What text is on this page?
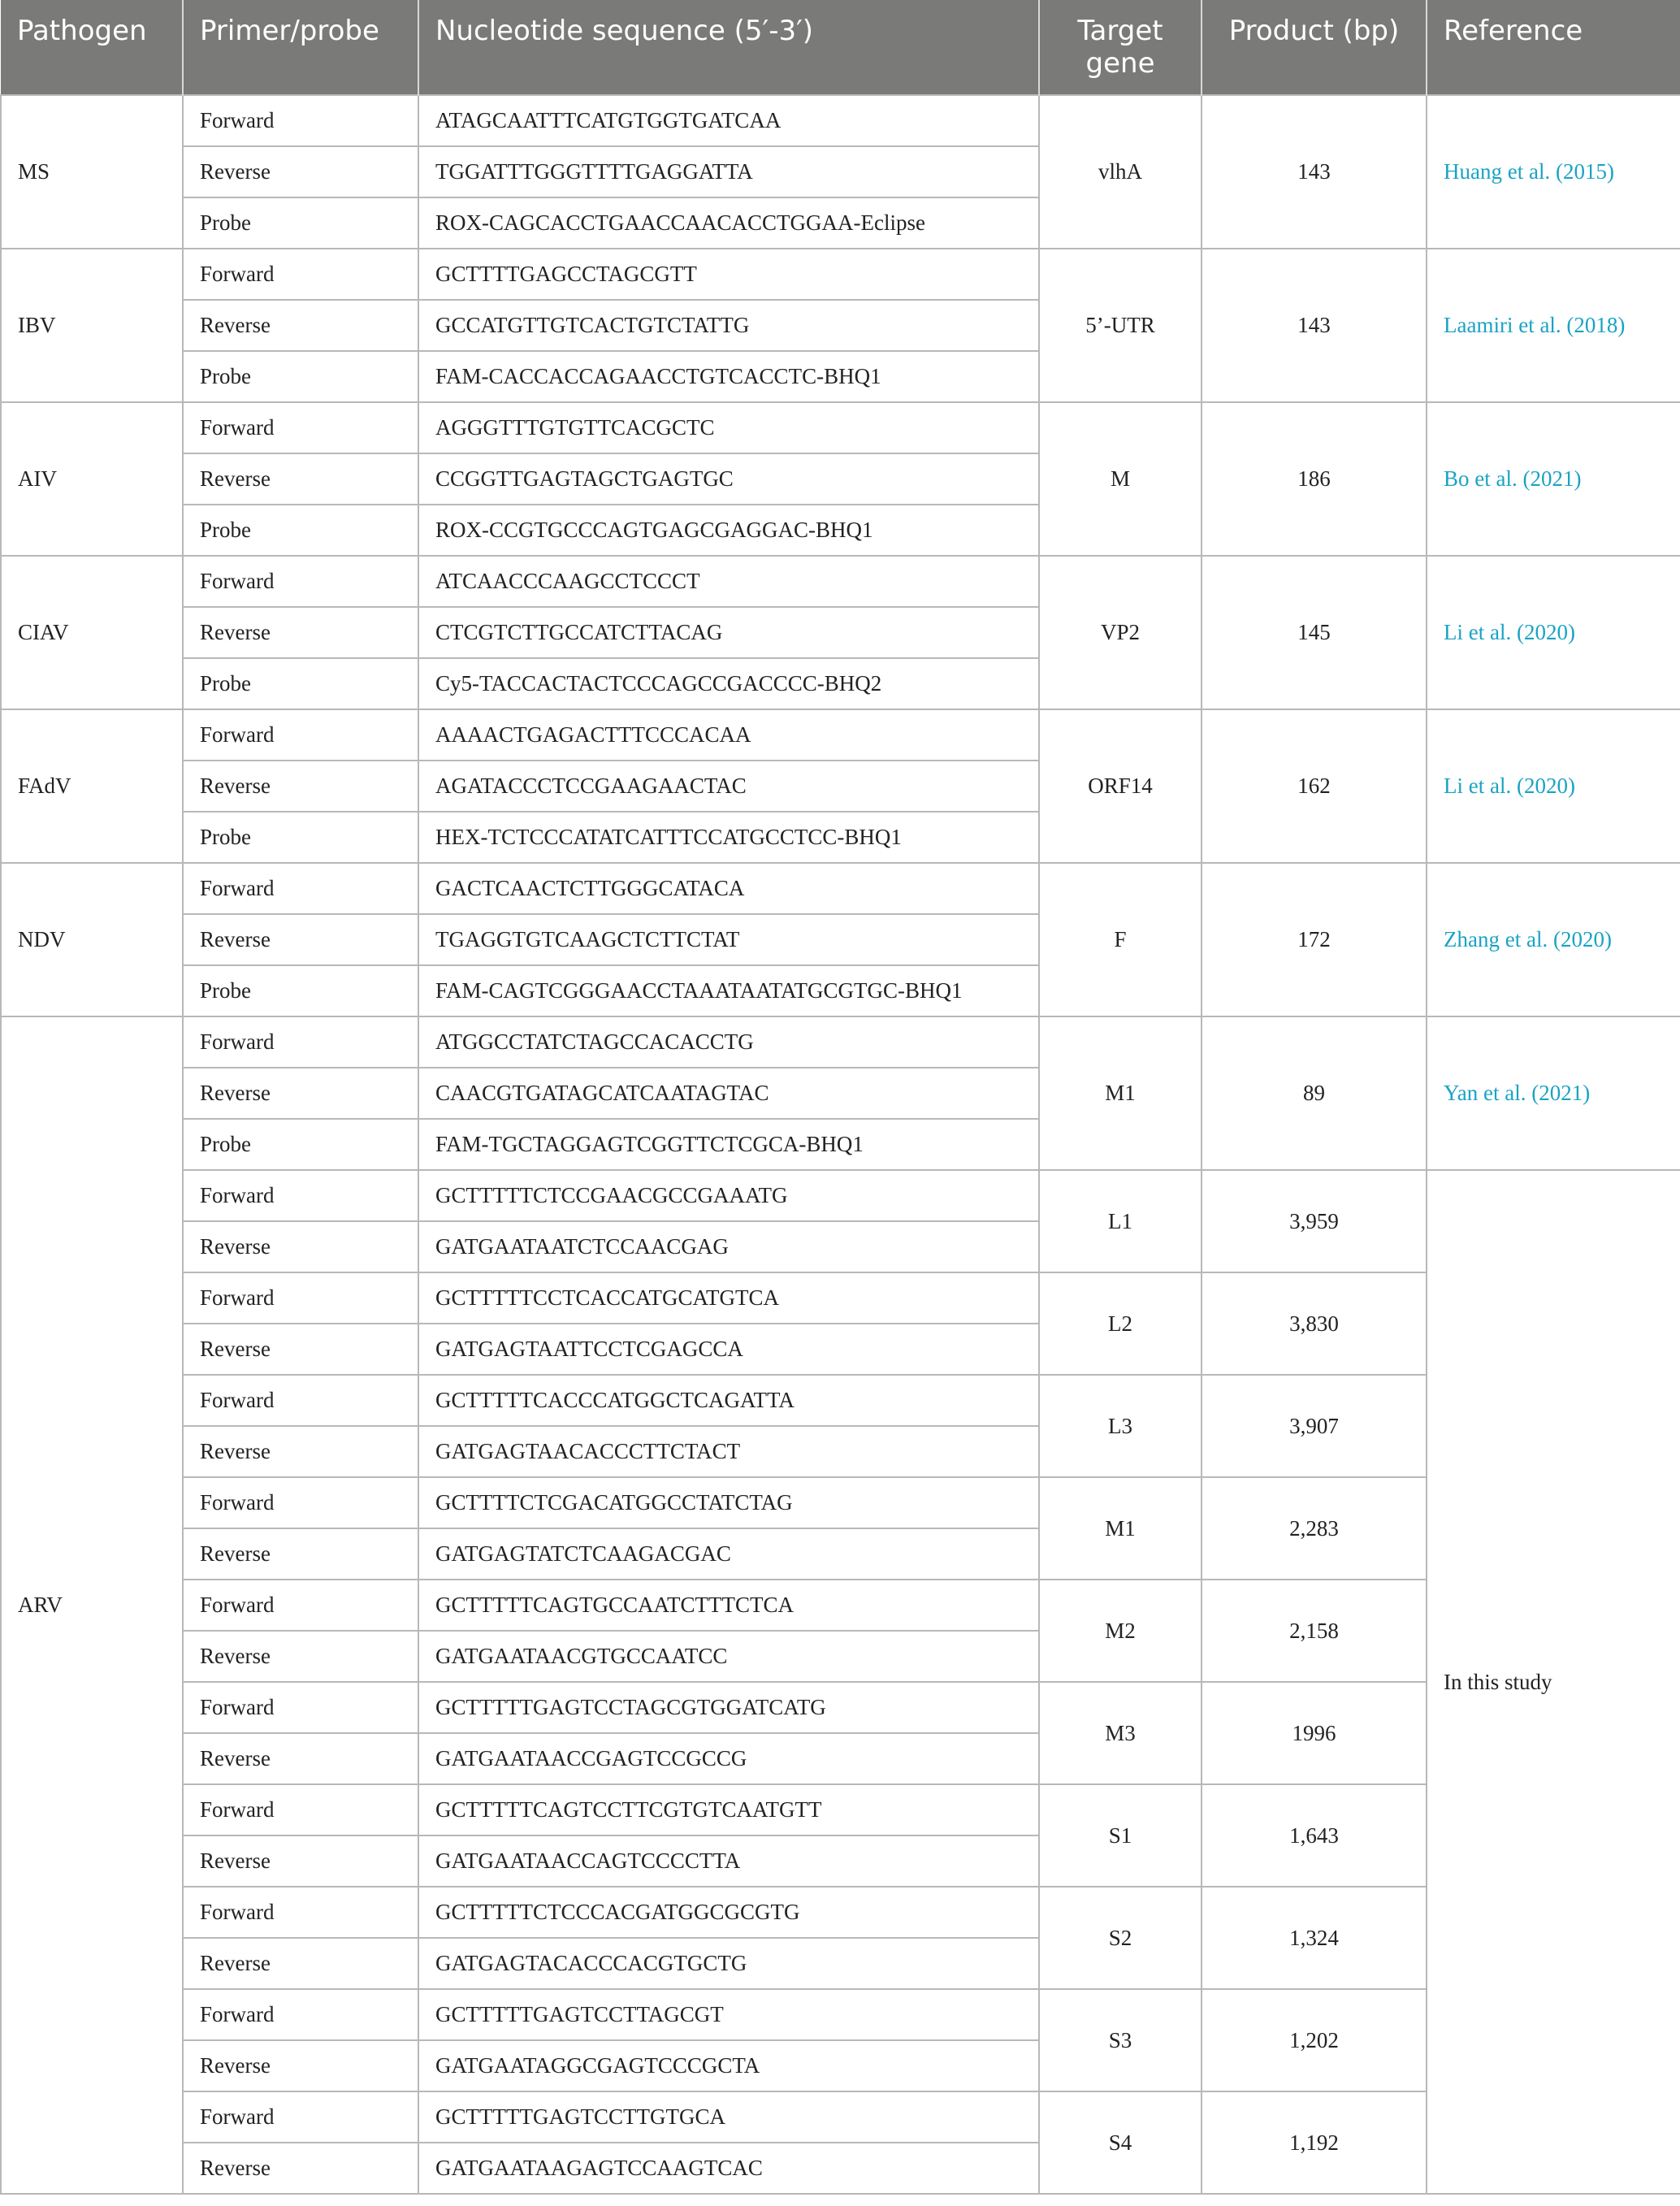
Pathogen	Primer/probe	Nucleotide sequence (5′-3′)	Target gene	Product (bp)	Reference
MS	Forward	ATAGCAATTTCATGTGGTGATCAA	vlhA	143	Huang et al. (2015)
	Reverse	TGGATTTGGGTTTTGAGGATTA			
	Probe	ROX-CAGCACCTGAACCAACACCTGGAA-Eclipse			
IBV	Forward	GCTTTTGAGCCTAGCGTT	5’-UTR	143	Laamiri et al. (2018)
	Reverse	GCCATGTTGTCACTGTCTATTG			
	Probe	FAM-CACCACCAGAACCTGTCACCTC-BHQ1			
AIV	Forward	AGGGTTTGTGTTCACGCTC	M	186	Bo et al. (2021)
	Reverse	CCGGTTGAGTAGCTGAGTGC			
	Probe	ROX-CCGTGCCCAGTGAGCGAGGAC-BHQ1			
CIAV	Forward	ATCAACCCAAGCCTCCCT	VP2	145	Li et al. (2020)
	Reverse	CTCGTCTTGCCATCTTACAG			
	Probe	Cy5-TACCACTACTCCCAGCCGACCCC-BHQ2			
FAdV	Forward	AAAACTGAGACTTTCCCACAA	ORF14	162	Li et al. (2020)
	Reverse	AGATACCCTCCGAAGAACTAC			
	Probe	HEX-TCTCCCATATCATTTCCATGCCTCC-BHQ1			
NDV	Forward	GACTCAACTCTTGGGCATACA	F	172	Zhang et al. (2020)
	Reverse	TGAGGTGTCAAGCTCTTCTAT			
	Probe	FAM-CAGTCGGGAACCTAAATAATATGCGTGC-BHQ1			
ARV	Forward	ATGGCCTATCTAGCCACACCTG	M1	89	Yan et al. (2021)
	Reverse	CAACGTGATAGCATCAATAGTAC			
	Probe	FAM-TGCTAGGAGTCGGTTCTCGCA-BHQ1			
	Forward	GCTTTTTCTCCGAACGCCGAAATG	L1	3,959	In this study
	Reverse	GATGAATAATCTCCAACGAG			
	Forward	GCTTTTTCCTCACCATGCATGTCA	L2	3,830	
	Reverse	GATGAGTAATTCCTCGAGCCA			
	Forward	GCTTTTTCACCCATGGCTCAGATTA	L3	3,907	
	Reverse	GATGAGTAACACCCTTCTACT			
	Forward	GCTTTTCTCGACATGGCCTATCTAG	M1	2,283	
	Reverse	GATGAGTATCTCAAGACGAC			
	Forward	GCTTTTTCAGTGCCAATCTTTCTCA	M2	2,158	
	Reverse	GATGAATAACGTGCCAATCC			
	Forward	GCTTTTTGAGTCCTAGCGTGGATCATG	M3	1996	
	Reverse	GATGAATAACCGAGTCCGCCG			
	Forward	GCTTTTTCAGTCCTTCGTGTCAATGTT	S1	1,643	
	Reverse	GATGAATAACCAGTCCCCTTA			
	Forward	GCTTTTTCTCCCACGATGGCGCGTG	S2	1,324	
	Reverse	GATGAGTACACCCACGTGCTG			
	Forward	GCTTTTTGAGTCCTTAGCGT	S3	1,202	
	Reverse	GATGAATAGGCGAGTCCCGCTA			
	Forward	GCTTTTTGAGTCCTTGTGCA	S4	1,192	
	Reverse	GATGAATAAGAGTCCAAGTCAC			
